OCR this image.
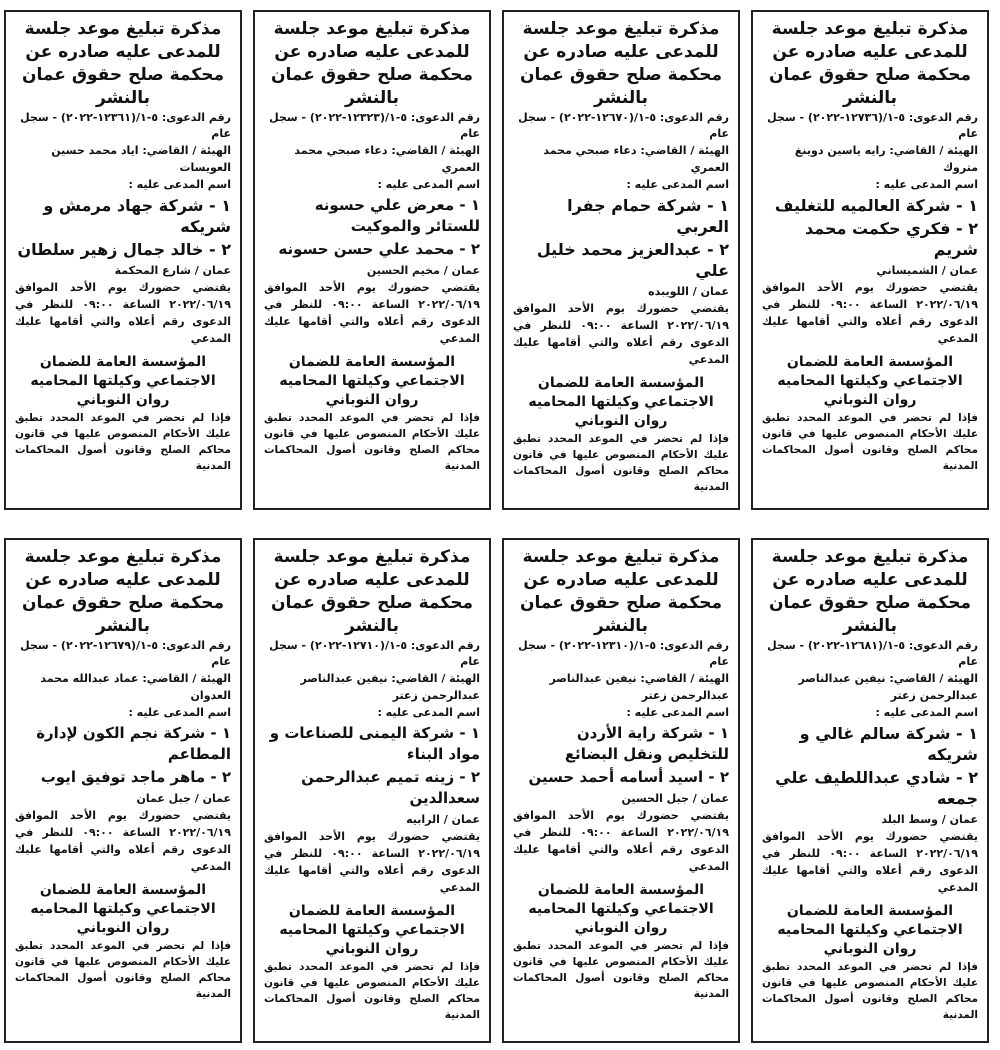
مذكرة تبليغ موعد جلسة للمدعى عليه صادره عن محكمة صلح حقوق عمان بالنشر
رقم الدعوى: ٥-١/(١٢٧٣٦-٢٠٢٢) - سجل عام
الهيئة / القاضي: رايه ياسين دوينغ متروك
اسم المدعى عليه :
١ - شركة العالميه للتغليف
٢ - فكري حكمت محمد شريم
عمان / الشميساني
يقتضي حضورك يوم الأحد الموافق ٢٠٢٢/٠٦/١٩ الساعة ٠٩:٠٠ للنظر في الدعوى رقم أعلاه والتي أقامها عليك المدعي
المؤسسة العامة للضمان الاجتماعي وكيلتها المحاميه روان النوباني
فإذا لم تحضر في الموعد المحدد تطبق عليك الأحكام المنصوص عليها في قانون محاكم الصلح وقانون أصول المحاكمات المدنية
مذكرة تبليغ موعد جلسة للمدعى عليه صادره عن محكمة صلح حقوق عمان بالنشر
رقم الدعوى: ٥-١/(١٢٦٧٠-٢٠٢٢) - سجل عام
الهيئة / القاضي: دعاء صبحي محمد العمري
اسم المدعى عليه :
١ - شركة حمام جفرا العربي
٢ - عبدالعزيز محمد خليل علي
عمان / اللويبده
يقتضي حضورك يوم الأحد الموافق ٢٠٢٢/٠٦/١٩ الساعة ٠٩:٠٠ للنظر في الدعوى رقم أعلاه والتي أقامها عليك المدعي
المؤسسة العامة للضمان الاجتماعي وكيلتها المحاميه روان النوباني
فإذا لم تحضر في الموعد المحدد تطبق عليك الأحكام المنصوص عليها في قانون محاكم الصلح وقانون أصول المحاكمات المدنية
مذكرة تبليغ موعد جلسة للمدعى عليه صادره عن محكمة صلح حقوق عمان بالنشر
رقم الدعوى: ٥-١/(١٢٣٢٣-٢٠٢٢) - سجل عام
الهيئة / القاضي: دعاء صبحي محمد العمري
اسم المدعى عليه :
١ - معرض علي حسونه للستائر والموكيت
٢ - محمد علي حسن حسونه
عمان / مخيم الحسين
يقتضي حضورك يوم الأحد الموافق ٢٠٢٢/٠٦/١٩ الساعة ٠٩:٠٠ للنظر في الدعوى رقم أعلاه والتي أقامها عليك المدعي
المؤسسة العامة للضمان الاجتماعي وكيلتها المحاميه روان النوباني
فإذا لم تحضر في الموعد المحدد تطبق عليك الأحكام المنصوص عليها في قانون محاكم الصلح وقانون أصول المحاكمات المدنية
مذكرة تبليغ موعد جلسة للمدعى عليه صادره عن محكمة صلح حقوق عمان بالنشر
رقم الدعوى: ٥-١/(١٢٣٦١-٢٠٢٢) - سجل عام
الهيئة / القاضي: اياد محمد حسين العويسات
اسم المدعى عليه :
١ - شركة جهاد مرمش و شريكه
٢ - خالد جمال زهير سلطان
عمان / شارع المحكمة
يقتضي حضورك يوم الأحد الموافق ٢٠٢٢/٠٦/١٩ الساعة ٠٩:٠٠ للنظر في الدعوى رقم أعلاه والتي أقامها عليك المدعي
المؤسسة العامة للضمان الاجتماعي وكيلتها المحاميه روان النوباني
فإذا لم تحضر في الموعد المحدد تطبق عليك الأحكام المنصوص عليها في قانون محاكم الصلح وقانون أصول المحاكمات المدنية
مذكرة تبليغ موعد جلسة للمدعى عليه صادره عن محكمة صلح حقوق عمان بالنشر
رقم الدعوى: ٥-١/(١٢٦٨١-٢٠٢٢) - سجل عام
الهيئة / القاضي: نيفين عبدالناصر عبدالرحمن زعتر
اسم المدعى عليه :
١ - شركة سالم غالي و شريكه
٢ - شادي عبداللطيف علي جمعه
عمان / وسط البلد
يقتضي حضورك يوم الأحد الموافق ٢٠٢٢/٠٦/١٩ الساعة ٠٩:٠٠ للنظر في الدعوى رقم أعلاه والتي أقامها عليك المدعي
المؤسسة العامة للضمان الاجتماعي وكيلتها المحاميه روان النوباني
فإذا لم تحضر في الموعد المحدد تطبق عليك الأحكام المنصوص عليها في قانون محاكم الصلح وقانون أصول المحاكمات المدنية
مذكرة تبليغ موعد جلسة للمدعى عليه صادره عن محكمة صلح حقوق عمان بالنشر
رقم الدعوى: ٥-١/(١٢٣١٠-٢٠٢٢) - سجل عام
الهيئة / القاضي: نيفين عبدالناصر عبدالرحمن زعتر
اسم المدعى عليه :
١ - شركة راية الأردن للتخليص ونقل البضائع
٢ - اسيد أسامه أحمد حسين
عمان / جبل الحسين
يقتضي حضورك يوم الأحد الموافق ٢٠٢٢/٠٦/١٩ الساعة ٠٩:٠٠ للنظر في الدعوى رقم أعلاه والتي أقامها عليك المدعي
المؤسسة العامة للضمان الاجتماعي وكيلتها المحاميه روان النوباني
فإذا لم تحضر في الموعد المحدد تطبق عليك الأحكام المنصوص عليها في قانون محاكم الصلح وقانون أصول المحاكمات المدنية
مذكرة تبليغ موعد جلسة للمدعى عليه صادره عن محكمة صلح حقوق عمان بالنشر
رقم الدعوى: ٥-١/(١٢٧١٠-٢٠٢٢) - سجل عام
الهيئة / القاضي: نيفين عبدالناصر عبدالرحمن زعتر
اسم المدعى عليه :
١ - شركة اليمنى للصناعات و مواد البناء
٢ - زينه تميم عبدالرحمن سعدالدين
عمان / الرابيه
يقتضي حضورك يوم الأحد الموافق ٢٠٢٢/٠٦/١٩ الساعة ٠٩:٠٠ للنظر في الدعوى رقم أعلاه والتي أقامها عليك المدعي
المؤسسة العامة للضمان الاجتماعي وكيلتها المحاميه روان النوباني
فإذا لم تحضر في الموعد المحدد تطبق عليك الأحكام المنصوص عليها في قانون محاكم الصلح وقانون أصول المحاكمات المدنية
مذكرة تبليغ موعد جلسة للمدعى عليه صادره عن محكمة صلح حقوق عمان بالنشر
رقم الدعوى: ٥-١/(١٢٦٧٩-٢٠٢٢) - سجل عام
الهيئة / القاضي: عماد عبدالله محمد العدوان
اسم المدعى عليه :
١ - شركة نجم الكون لإدارة المطاعم
٢ - ماهر ماجد توفيق ايوب
عمان / جبل عمان
يقتضي حضورك يوم الأحد الموافق ٢٠٢٢/٠٦/١٩ الساعة ٠٩:٠٠ للنظر في الدعوى رقم أعلاه والتي أقامها عليك المدعي
المؤسسة العامة للضمان الاجتماعي وكيلتها المحاميه روان النوباني
فإذا لم تحضر في الموعد المحدد تطبق عليك الأحكام المنصوص عليها في قانون محاكم الصلح وقانون أصول المحاكمات المدنية
